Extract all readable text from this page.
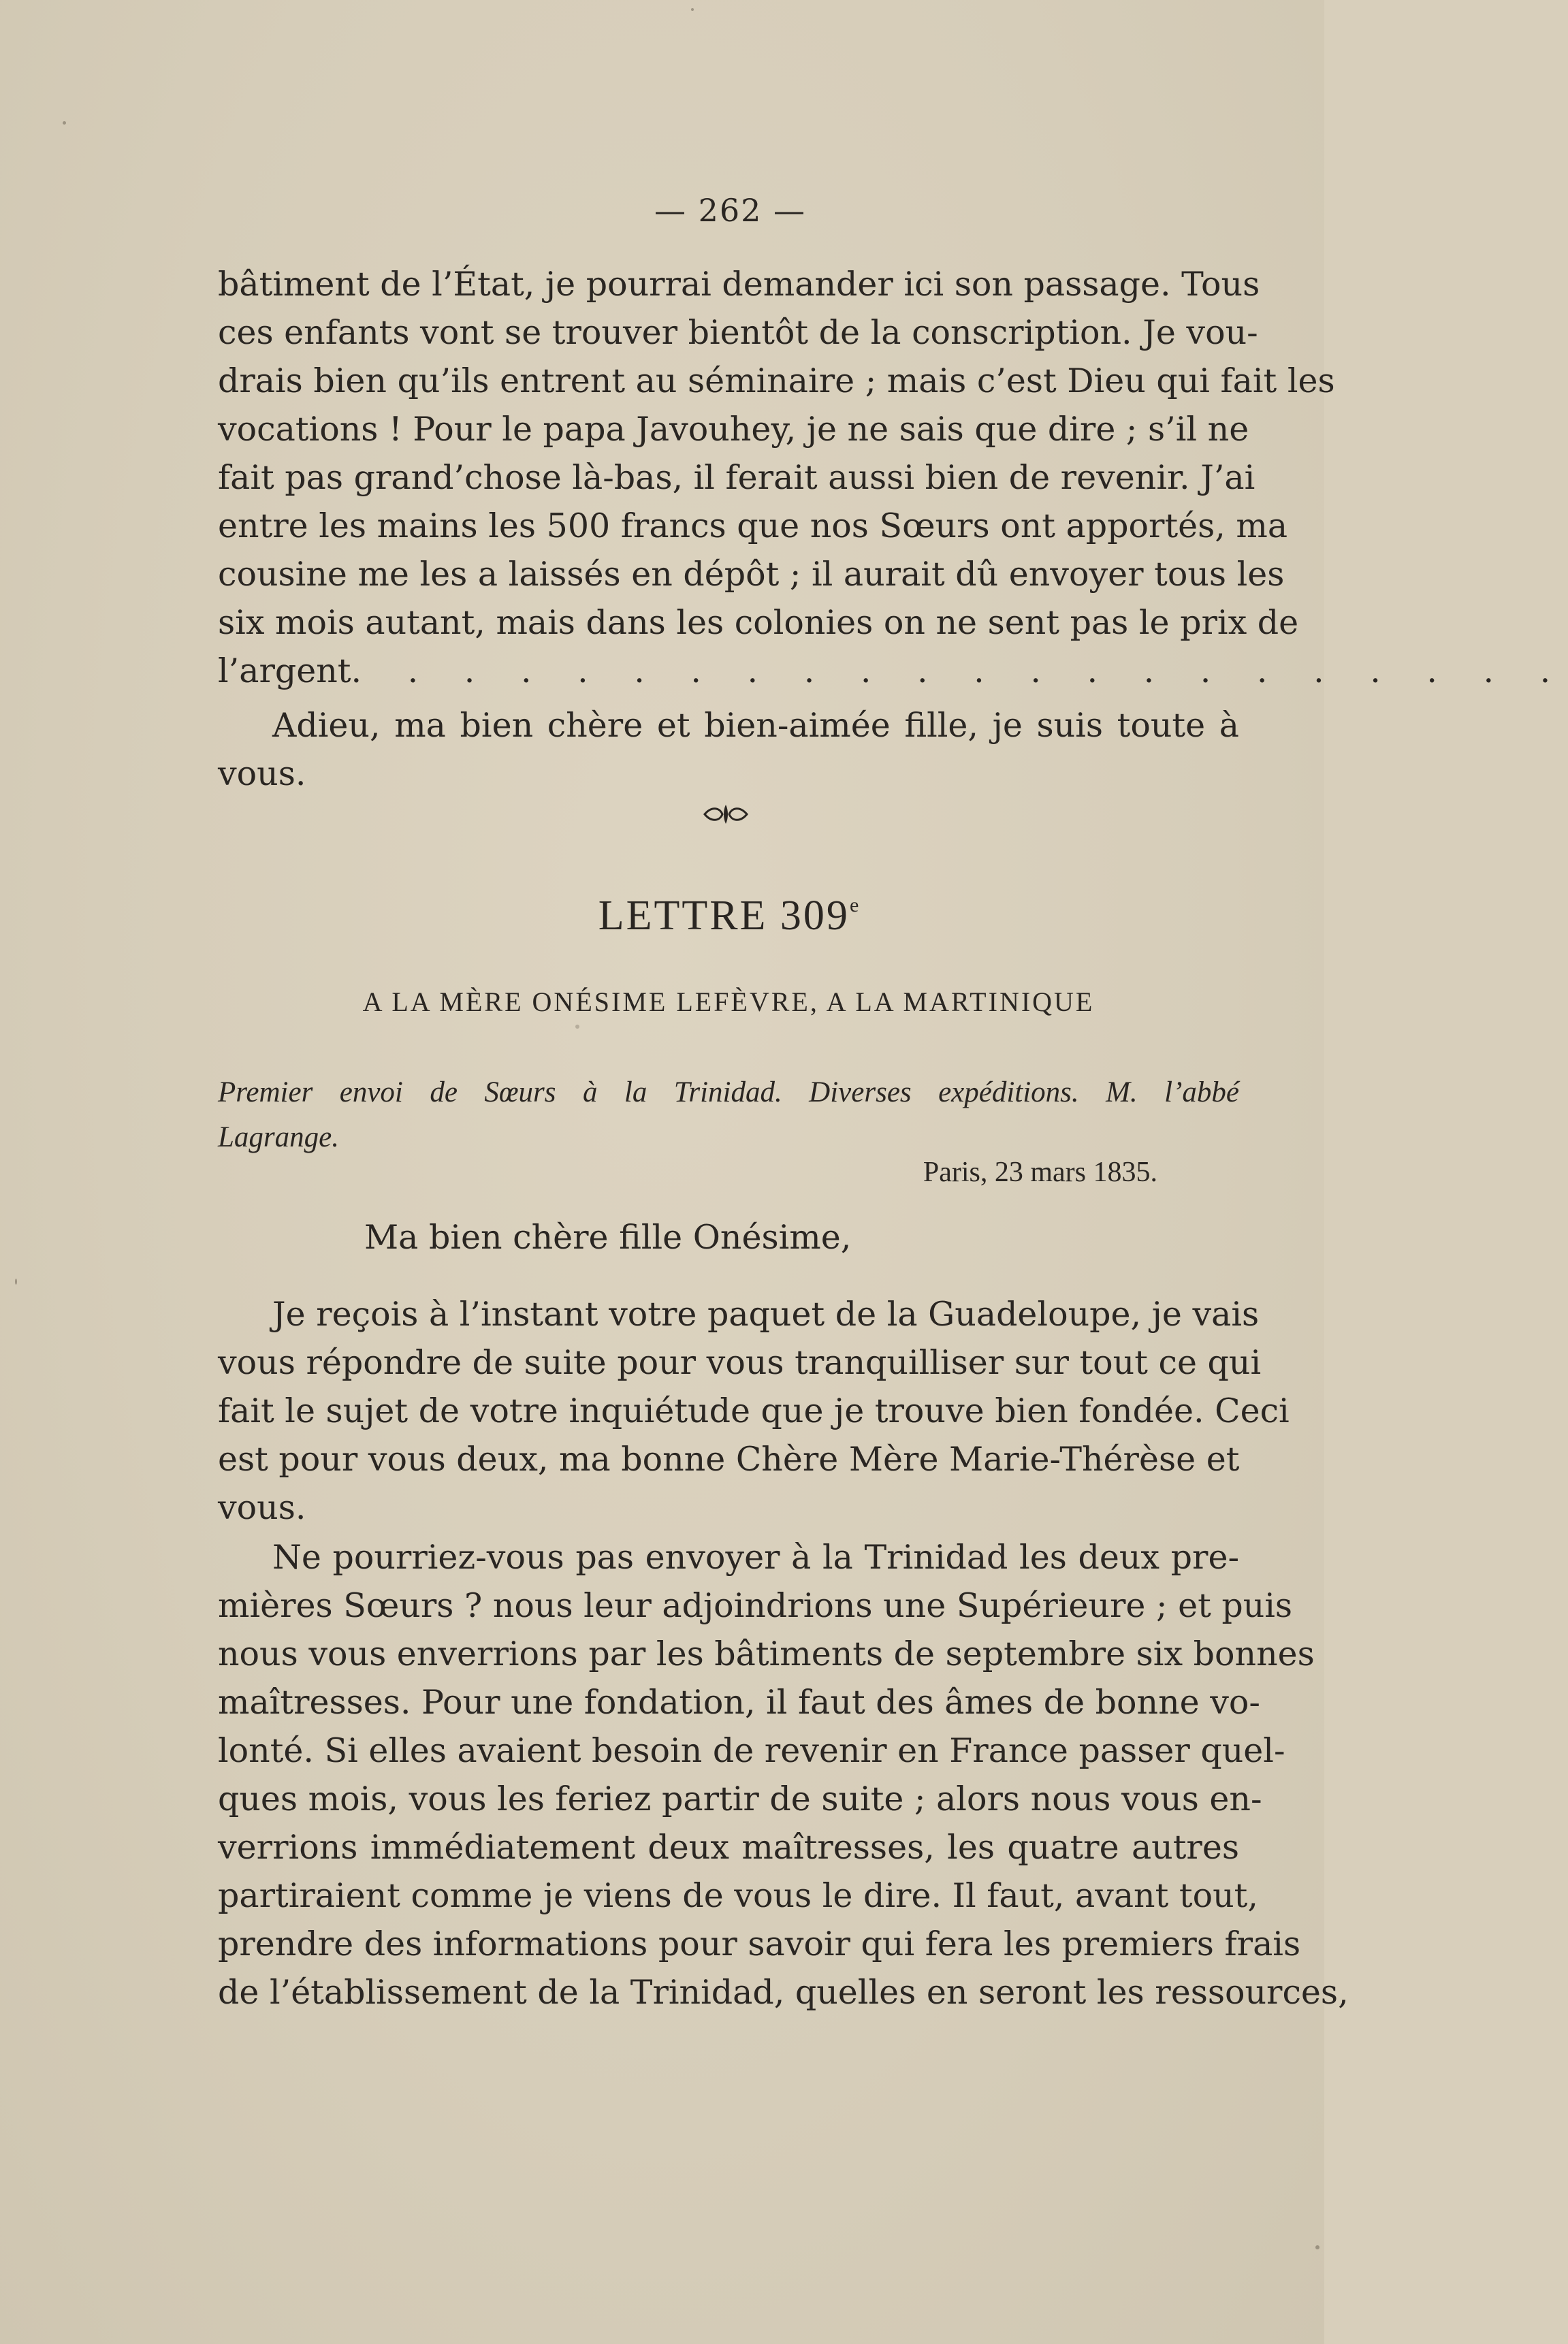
— 262 —
bâtiment de l’État, je pourrai demander ici son passage. Tous
ces enfants vont se trouver bientôt de la conscription. Je vou-
drais bien qu’ils entrent au séminaire ; mais c’est Dieu qui fait les
vocations ! Pour le papa Javouhey, je ne sais que dire ; s’il ne
fait pas grand’chose là-bas, il ferait aussi bien de revenir. J’ai
entre les mains les 500 francs que nos Sœurs ont apportés, ma
cousine me les a laissés en dépôt ; il aurait dû envoyer tous les
six mois autant, mais dans les colonies on ne sent pas le prix de
l’argent . . . . . . . . . . . . . . . . . . . . . .
Adieu, ma bien chère et bien-aimée fille, je suis toute à
vous.
LETTRE 309e
A LA MÈRE ONÉSIME LEFÈVRE, A LA MARTINIQUE
Premier envoi de Sœurs à la Trinidad. Diverses expéditions. M. l’abbé
Lagrange.
Paris, 23 mars 1835.
Ma bien chère fille Onésime,
Je reçois à l’instant votre paquet de la Guadeloupe, je vais
vous répondre de suite pour vous tranquilliser sur tout ce qui
fait le sujet de votre inquiétude que je trouve bien fondée. Ceci
est pour vous deux, ma bonne Chère Mère Marie-Thérèse et
vous.
Ne pourriez-vous pas envoyer à la Trinidad les deux pre-
mières Sœurs ? nous leur adjoindrions une Supérieure ; et puis
nous vous enverrions par les bâtiments de septembre six bonnes
maîtresses. Pour une fondation, il faut des âmes de bonne vo-
lonté. Si elles avaient besoin de revenir en France passer quel-
ques mois, vous les feriez partir de suite ; alors nous vous en-
verrions immédiatement deux maîtresses, les quatre autres
partiraient comme je viens de vous le dire. Il faut, avant tout,
prendre des informations pour savoir qui fera les premiers frais
de l’établissement de la Trinidad, quelles en seront les ressources,
